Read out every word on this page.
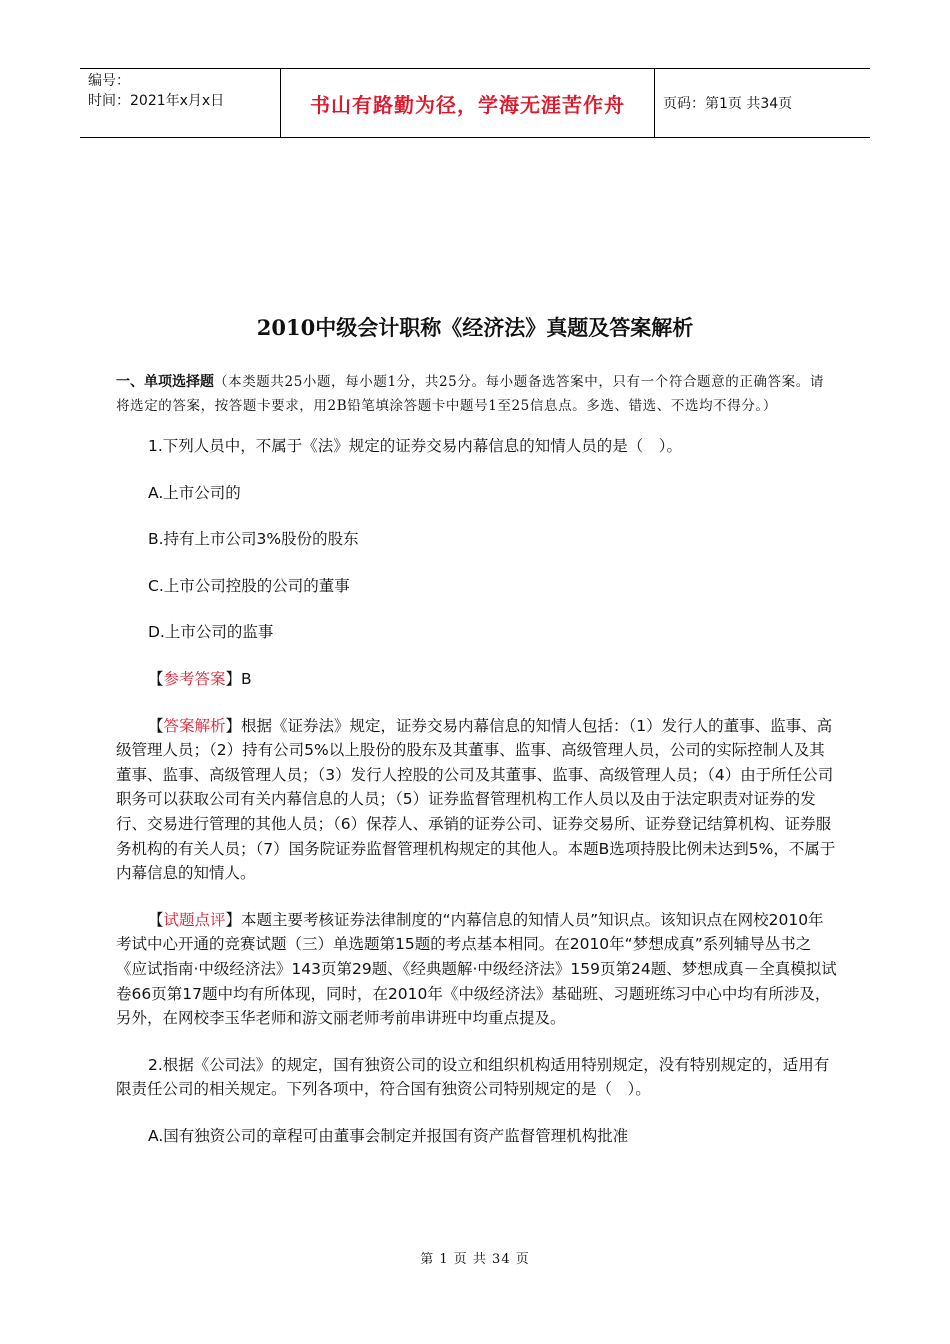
编号：
时间：2021年x月x日	书山有路勤为径，学海无涯苦作舟	页码：第1页 共34页
2010中级会计职称《经济法》真题及答案解析

一、单项选择题（本类题共25小题，每小题1分，共25分。每小题备选答案中，只有一个符合题意的正确答案。请将选定的答案，按答题卡要求，用2B铅笔填涂答题卡中题号1至25信息点。多选、错选、不选均不得分。）

1.下列人员中，不属于《法》规定的证券交易内幕信息的知情人员的是（　）。

A.上市公司的

B.持有上市公司3%股份的股东

C.上市公司控股的公司的董事

D.上市公司的监事

【参考答案】B

【答案解析】根据《证券法》规定，证券交易内幕信息的知情人包括：（1）发行人的董事、监事、高级管理人员；（2）持有公司5%以上股份的股东及其董事、监事、高级管理人员，公司的实际控制人及其董事、监事、高级管理人员；（3）发行人控股的公司及其董事、监事、高级管理人员；（4）由于所任公司职务可以获取公司有关内幕信息的人员；（5）证券监督管理机构工作人员以及由于法定职责对证券的发行、交易进行管理的其他人员；（6）保荐人、承销的证券公司、证券交易所、证券登记结算机构、证券服务机构的有关人员；（7）国务院证券监督管理机构规定的其他人。本题B选项持股比例未达到5%，不属于内幕信息的知情人。

【试题点评】本题主要考核证券法律制度的“内幕信息的知情人员”知识点。该知识点在网校2010年考试中心开通的竞赛试题（三）单选题第15题的考点基本相同。在2010年“梦想成真”系列辅导丛书之《应试指南·中级经济法》143页第29题、《经典题解·中级经济法》159页第24题、梦想成真－全真模拟试卷66页第17题中均有所体现，同时，在2010年《中级经济法》基础班、习题班练习中心中均有所涉及，另外，在网校李玉华老师和游文丽老师考前串讲班中均重点提及。

2.根据《公司法》的规定，国有独资公司的设立和组织机构适用特别规定，没有特别规定的，适用有限责任公司的相关规定。下列各项中，符合国有独资公司特别规定的是（　）。

A.国有独资公司的章程可由董事会制定并报国有资产监督管理机构批准

第 1 页 共 34 页
